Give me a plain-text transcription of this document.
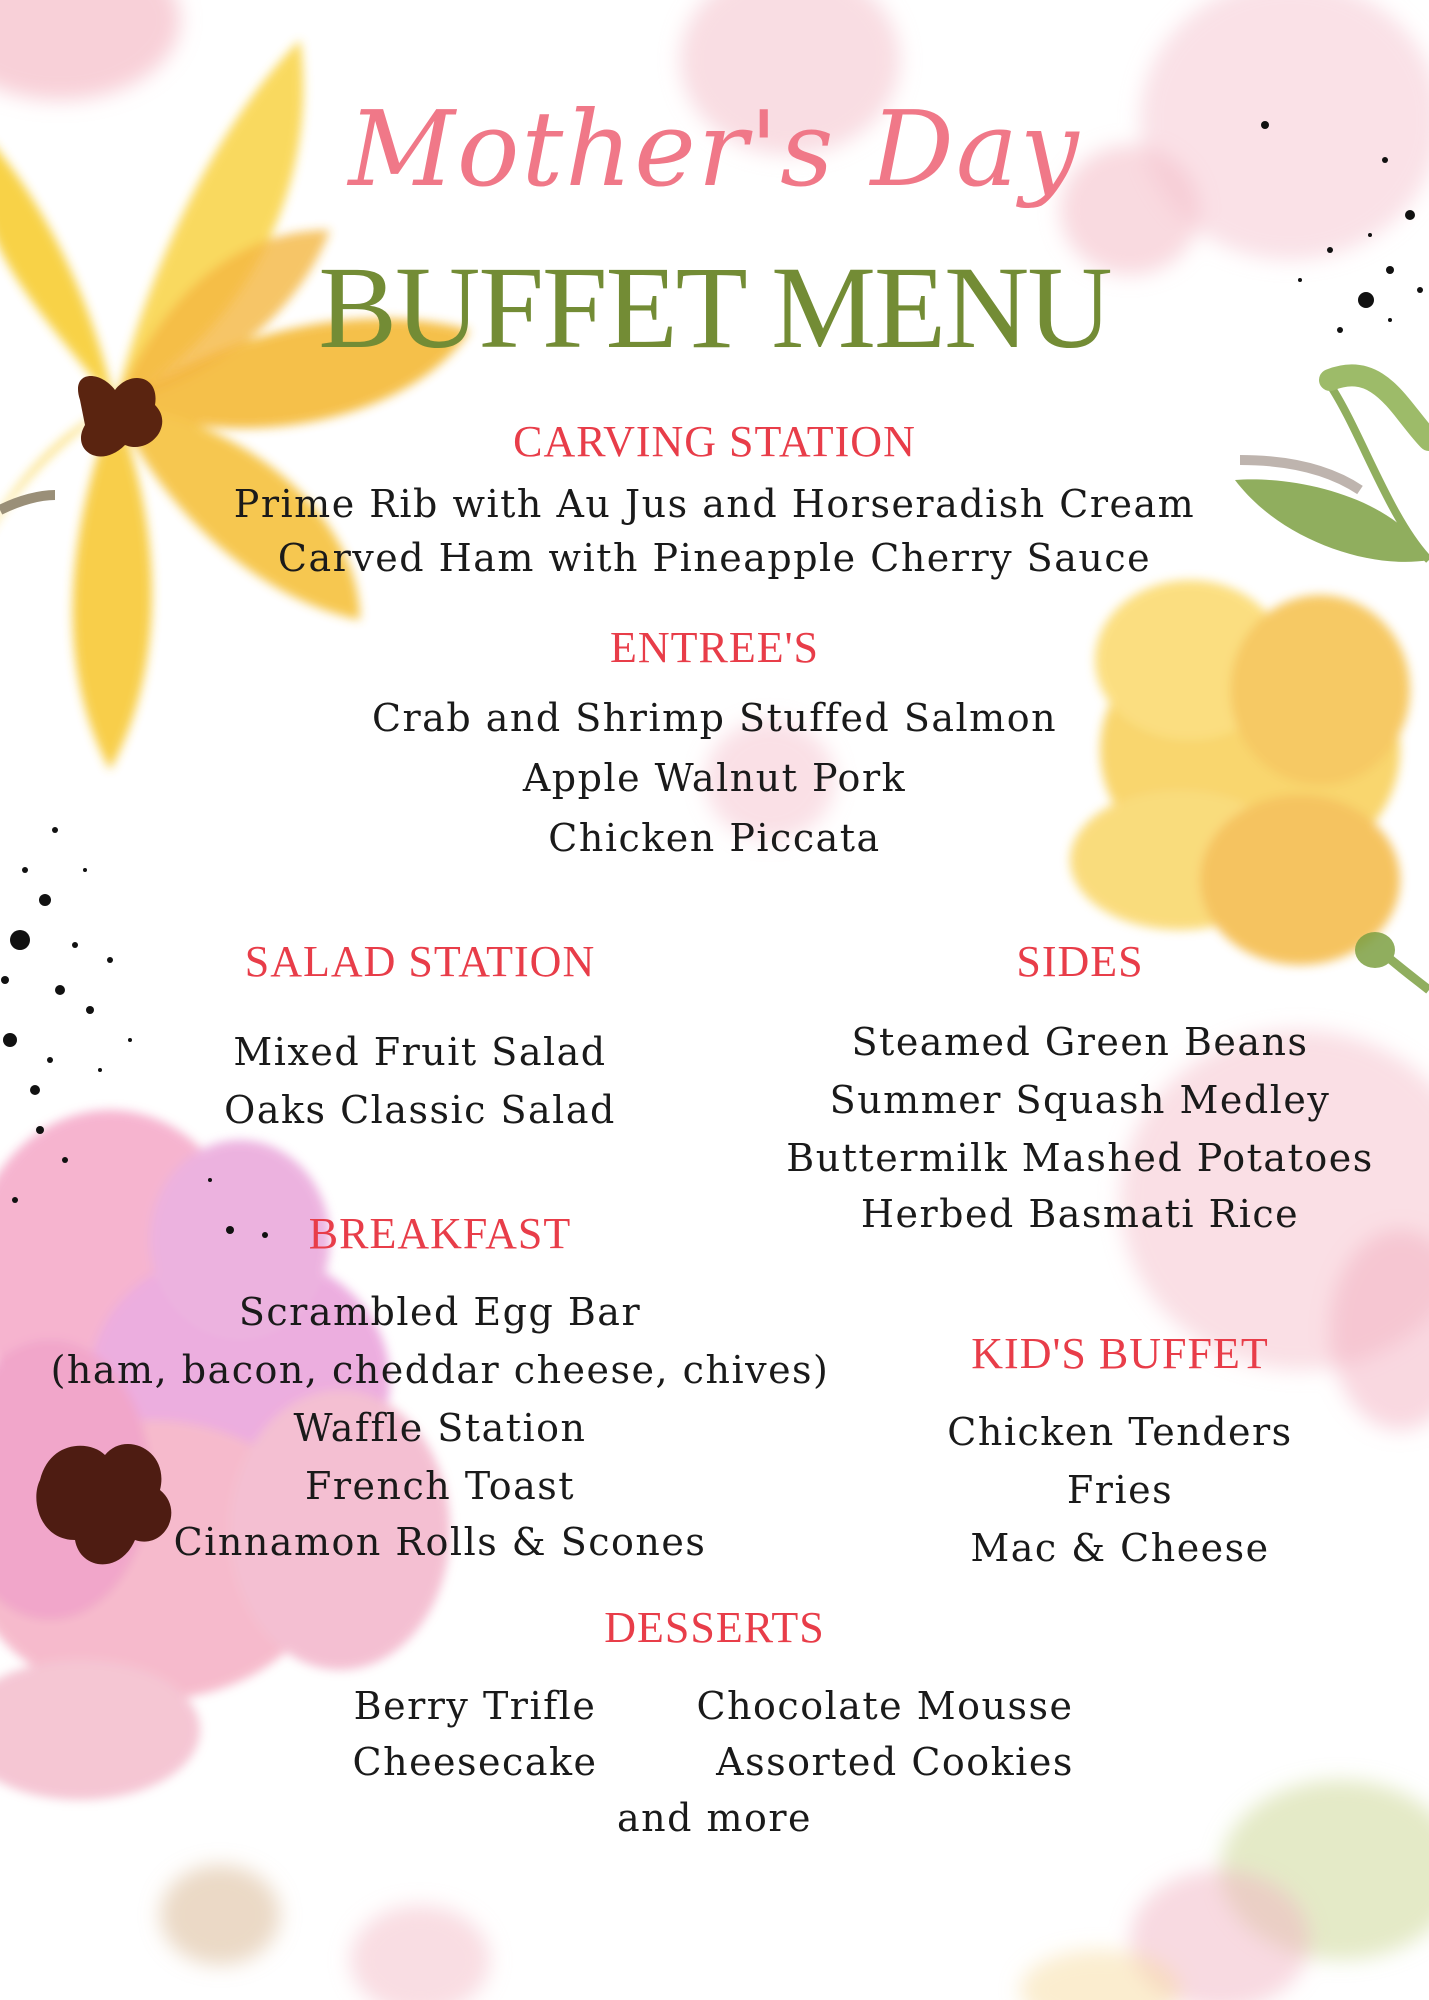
Mother's Day
BUFFET MENU
CARVING STATION
Prime Rib with Au Jus and Horseradish Cream
Carved Ham with Pineapple Cherry Sauce
ENTREE'S
Crab and Shrimp Stuffed Salmon
Apple Walnut Pork
Chicken Piccata
SALAD STATION
Mixed Fruit Salad
Oaks Classic Salad
SIDES
Steamed Green Beans
Summer Squash Medley
Buttermilk Mashed Potatoes
Herbed Basmati Rice
BREAKFAST
Scrambled Egg Bar
(ham, bacon, cheddar cheese, chives)
Waffle Station
French Toast
Cinnamon Rolls & Scones
KID'S BUFFET
Chicken Tenders
Fries
Mac & Cheese
DESSERTS
Berry Trifle	Chocolate Mousse
Cheesecake	Assorted Cookies
and more
